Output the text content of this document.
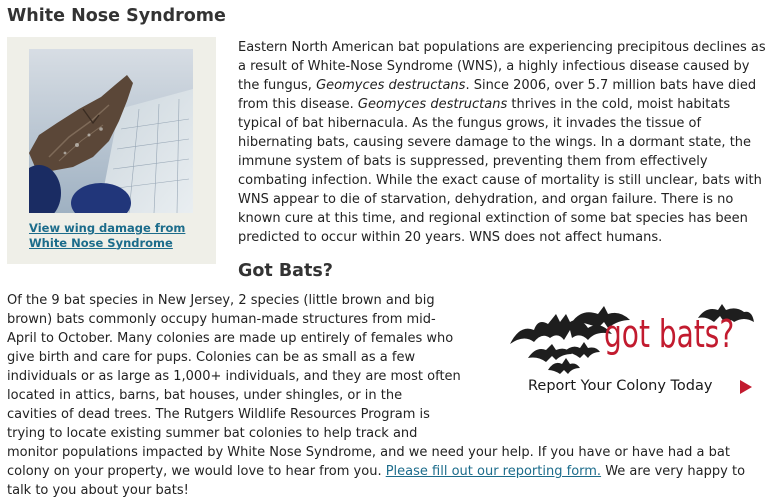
White Nose Syndrome
View wing damage from
White Nose Syndrome

Eastern North American bat populations are experiencing precipitous declines as
a result of White-Nose Syndrome (WNS), a highly infectious disease caused by
the fungus, Geomyces destructans. Since 2006, over 5.7 million bats have died
from this disease. Geomyces destructans thrives in the cold, moist habitats
typical of bat hibernacula. As the fungus grows, it invades the tissue of
hibernating bats, causing severe damage to the wings. In a dormant state, the
immune system of bats is suppressed, preventing them from effectively
combating infection. While the exact cause of mortality is still unclear, bats with
WNS appear to die of starvation, dehydration, and organ failure. There is no
known cure at this time, and regional extinction of some bat species has been
predicted to occur within 20 years. WNS does not affect humans.

Got Bats?

Of the 9 bat species in New Jersey, 2 species (little brown and big
brown) bats commonly occupy human-made structures from mid-
April to October. Many colonies are made up entirely of females who
give birth and care for pups. Colonies can be as small as a few
individuals or as large as 1,000+ individuals, and they are most often
located in attics, barns, bat houses, under shingles, or in the
cavities of dead trees. The Rutgers Wildlife Resources Program is
trying to locate existing summer bat colonies to help track and
monitor populations impacted by White Nose Syndrome, and we need your help. If you have or have had a bat
colony on your property, we would love to hear from you. Please fill out our reporting form. We are very happy to
talk to you about your bats!

got bats?
Report Your Colony Today
